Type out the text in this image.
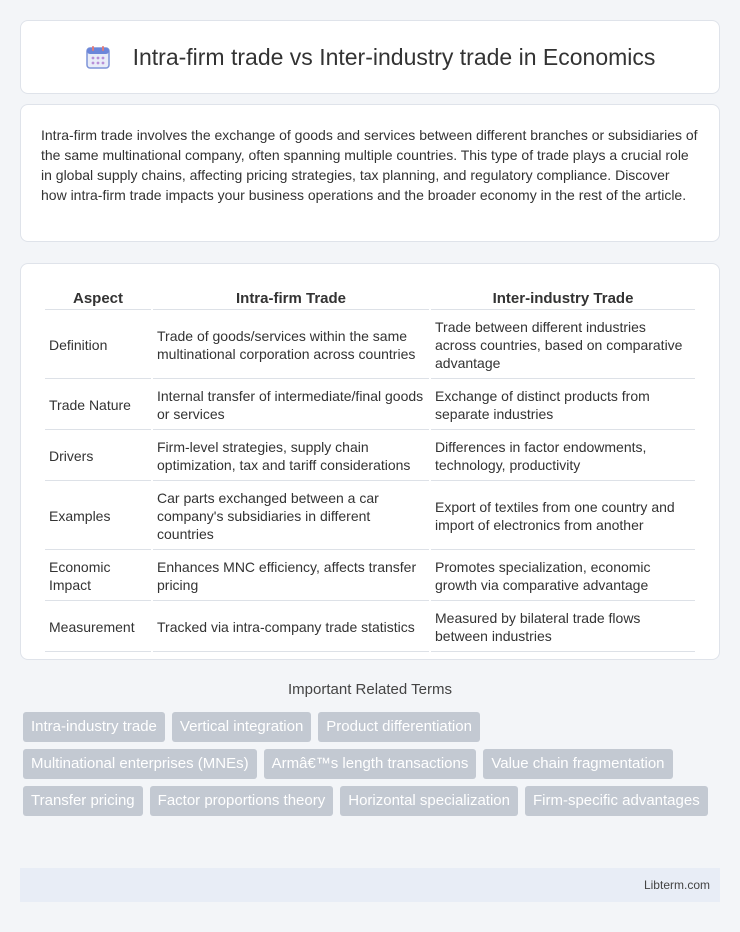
Intra-firm trade vs Inter-industry trade in Economics

Intra-firm trade involves the exchange of goods and services between different branches or subsidiaries of the same multinational company, often spanning multiple countries. This type of trade plays a crucial role in global supply chains, affecting pricing strategies, tax planning, and regulatory compliance. Discover how intra-firm trade impacts your business operations and the broader economy in the rest of the article.

Aspect	Intra-firm Trade	Inter-industry Trade
Definition	Trade of goods/services within the same multinational corporation across countries	Trade between different industries across countries, based on comparative advantage
Trade Nature	Internal transfer of intermediate/final goods or services	Exchange of distinct products from separate industries
Drivers	Firm-level strategies, supply chain optimization, tax and tariff considerations	Differences in factor endowments, technology, productivity
Examples	Car parts exchanged between a car company's subsidiaries in different countries	Export of textiles from one country and import of electronics from another
Economic Impact	Enhances MNC efficiency, affects transfer pricing	Promotes specialization, economic growth via comparative advantage
Measurement	Tracked via intra-company trade statistics	Measured by bilateral trade flows between industries
Important Related Terms
Intra-industry trade	Vertical integration	Product differentiation
Multinational enterprises (MNEs)	Armâ€™s length transactions	Value chain fragmentation
Transfer pricing	Factor proportions theory	Horizontal specialization	Firm-specific advantages
Libterm.com
